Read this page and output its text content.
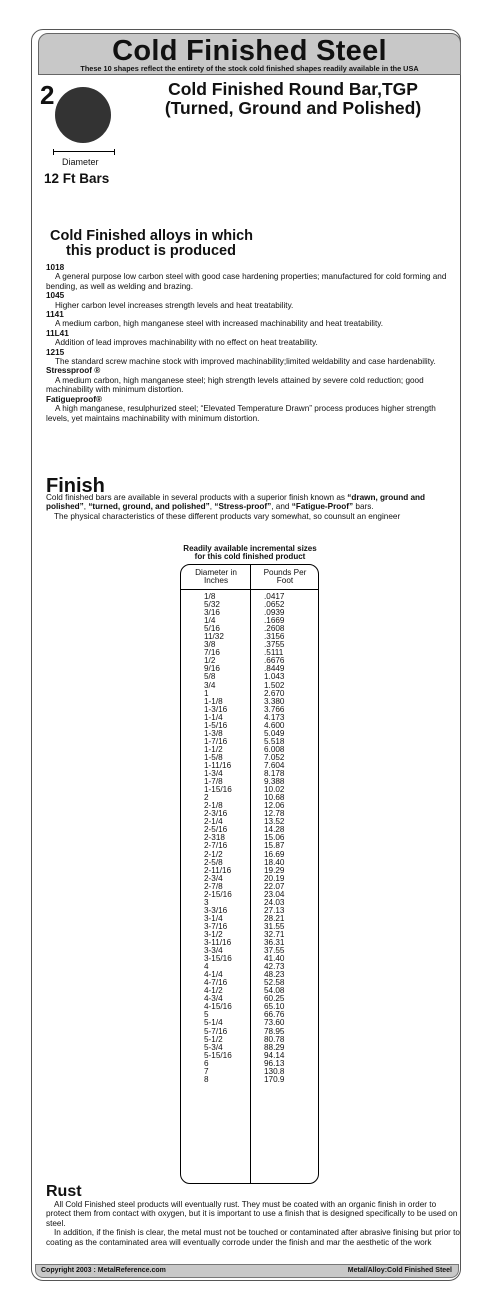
Cold Finished Steel
These 10 shapes reflect the entirety of the stock cold finished shapes readily available in the USA
2
Diameter
12 Ft Bars
Cold Finished Round Bar,TGP
(Turned, Ground and Polished)
Cold Finished alloys in which
this product is produced
1018
A general purpose low carbon steel with good case hardening properties; manufactured for cold forming and bending, as well as welding and brazing.
1045
Higher carbon level increases strength levels and heat treatability.
1141
A medium carbon, high manganese steel with increased machinability and heat treatability.
11L41
Addition of lead improves machinability with no effect on heat treatability.
1215
The standard screw machine stock with improved machinability;limited weldability and case hardenability.
Stressproof ®
A medium carbon, high manganese steel; high strength levels attained by severe cold reduction; good machinability with minimum distortion.
Fatigueproof®
A high manganese, resulphurized steel; “Elevated Temperature Drawn” process produces higher strength levels, yet maintains machinability with minimum distortion.
Finish
Cold finished bars are available in several products with a superior finish known as “drawn, ground and polished”, “turned, ground, and polished”, “Stress-proof”, and “Fatigue-Proof” bars.
The physical characteristics of these different products vary somewhat, so counsult an engineer
Readily available incremental sizes
for this cold finished product
Diameter in
Inches
Pounds Per
Foot
1/8	.0417
5/32	.0652
3/16	.0939
1/4	.1669
5/16	.2608
11/32	.3156
3/8	.3755
7/16	.5111
1/2	.6676
9/16	.8449
5/8	1.043
3/4	1.502
1	2.670
1-1/8	3.380
1-3/16	3.766
1-1/4	4.173
1-5/16	4.600
1-3/8	5.049
1-7/16	5.518
1-1/2	6.008
1-5/8	7.052
1-11/16	7.604
1-3/4	8.178
1-7/8	9.388
1-15/16	10.02
2	10.68
2-1/8	12.06
2-3/16	12.78
2-1/4	13.52
2-5/16	14.28
2-318	15.06
2-7/16	15.87
2-1/2	16.69
2-5/8	18.40
2-11/16	19.29
2-3/4	20.19
2-7/8	22.07
2-15/16	23.04
3	24.03
3-3/16	27.13
3-1/4	28.21
3-7/16	31.55
3-1/2	32.71
3-11/16	36.31
3-3/4	37.55
3-15/16	41.40
4	42.73
4-1/4	48.23
4-7/16	52.58
4-1/2	54.08
4-3/4	60.25
4-15/16	65.10
5	66.76
5-1/4	73.60
5-7/16	78.95
5-1/2	80.78
5-3/4	88.29
5-15/16	94.14
6	96.13
7	130.8
8	170.9
Rust

All Cold Finished steel products will eventually rust. They must be coated with an organic finish in order to protect them from contact with oxygen, but it is important to use a finish that is designed specifically to be used on steel.

In addition, if the finish is clear, the metal must not be touched or contaminated after abrasive finising but prior to coating as the contaminated area will eventually corrode under the finish and mar the aesthetic of the work

Copyright 2003 : MetalReference.com	Metal/Alloy:Cold Finished Steel
